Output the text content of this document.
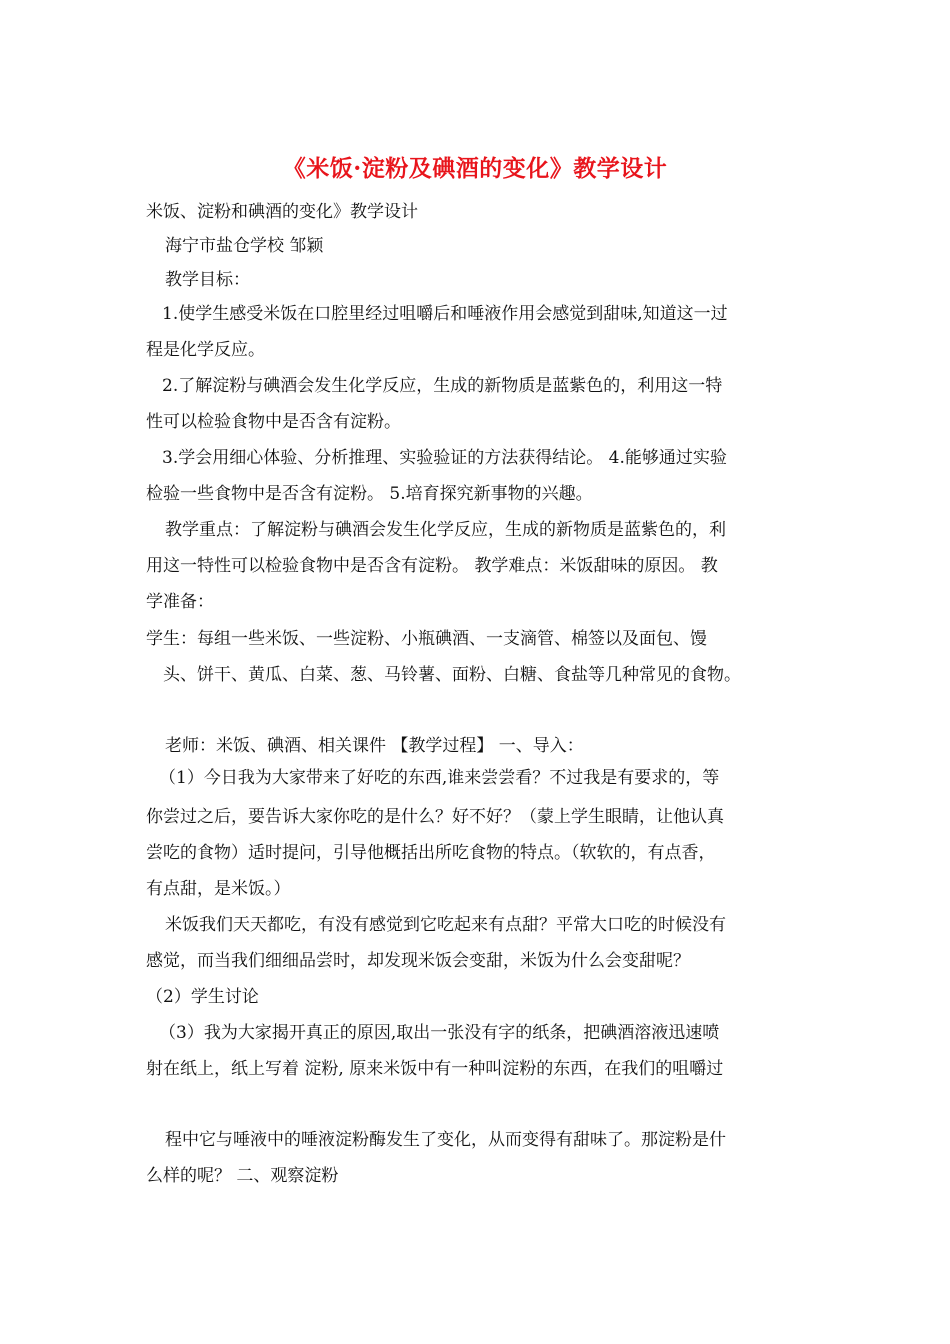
《米饭·淀粉及碘酒的变化》教学设计
米饭、淀粉和碘酒的变化》教学设计
海宁市盐仓学校 邹颖
教学目标：
1.使学生感受米饭在口腔里经过咀嚼后和唾液作用会感觉到甜味,知道这一过
程是化学反应。
2.了解淀粉与碘酒会发生化学反应，生成的新物质是蓝紫色的，利用这一特
性可以检验食物中是否含有淀粉。
3.学会用细心体验、分析推理、实验验证的方法获得结论。 4.能够通过实验
检验一些食物中是否含有淀粉。 5.培育探究新事物的兴趣。
教学重点：了解淀粉与碘酒会发生化学反应，生成的新物质是蓝紫色的，利
用这一特性可以检验食物中是否含有淀粉。 教学难点：米饭甜味的原因。 教
学准备：
学生：每组一些米饭、一些淀粉、小瓶碘酒、一支滴管、棉签以及面包、馒
头、饼干、黄瓜、白菜、葱、马铃薯、面粉、白糖、食盐等几种常见的食物。
老师：米饭、碘酒、相关课件 【教学过程】 一、导入：
（1）今日我为大家带来了好吃的东西,谁来尝尝看？不过我是有要求的，等
你尝过之后，要告诉大家你吃的是什么？好不好？（蒙上学生眼睛，让他认真
尝吃的食物）适时提问，引导他概括出所吃食物的特点。（软软的，有点香，
有点甜，是米饭。）
米饭我们天天都吃，有没有感觉到它吃起来有点甜？平常大口吃的时候没有
感觉，而当我们细细品尝时，却发现米饭会变甜，米饭为什么会变甜呢？
（2）学生讨论
（3）我为大家揭开真正的原因,取出一张没有字的纸条，把碘酒溶液迅速喷
射在纸上，纸上写着 淀粉, 原来米饭中有一种叫淀粉的东西，在我们的咀嚼过
程中它与唾液中的唾液淀粉酶发生了变化，从而变得有甜味了。那淀粉是什
么样的呢？ 二、观察淀粉
